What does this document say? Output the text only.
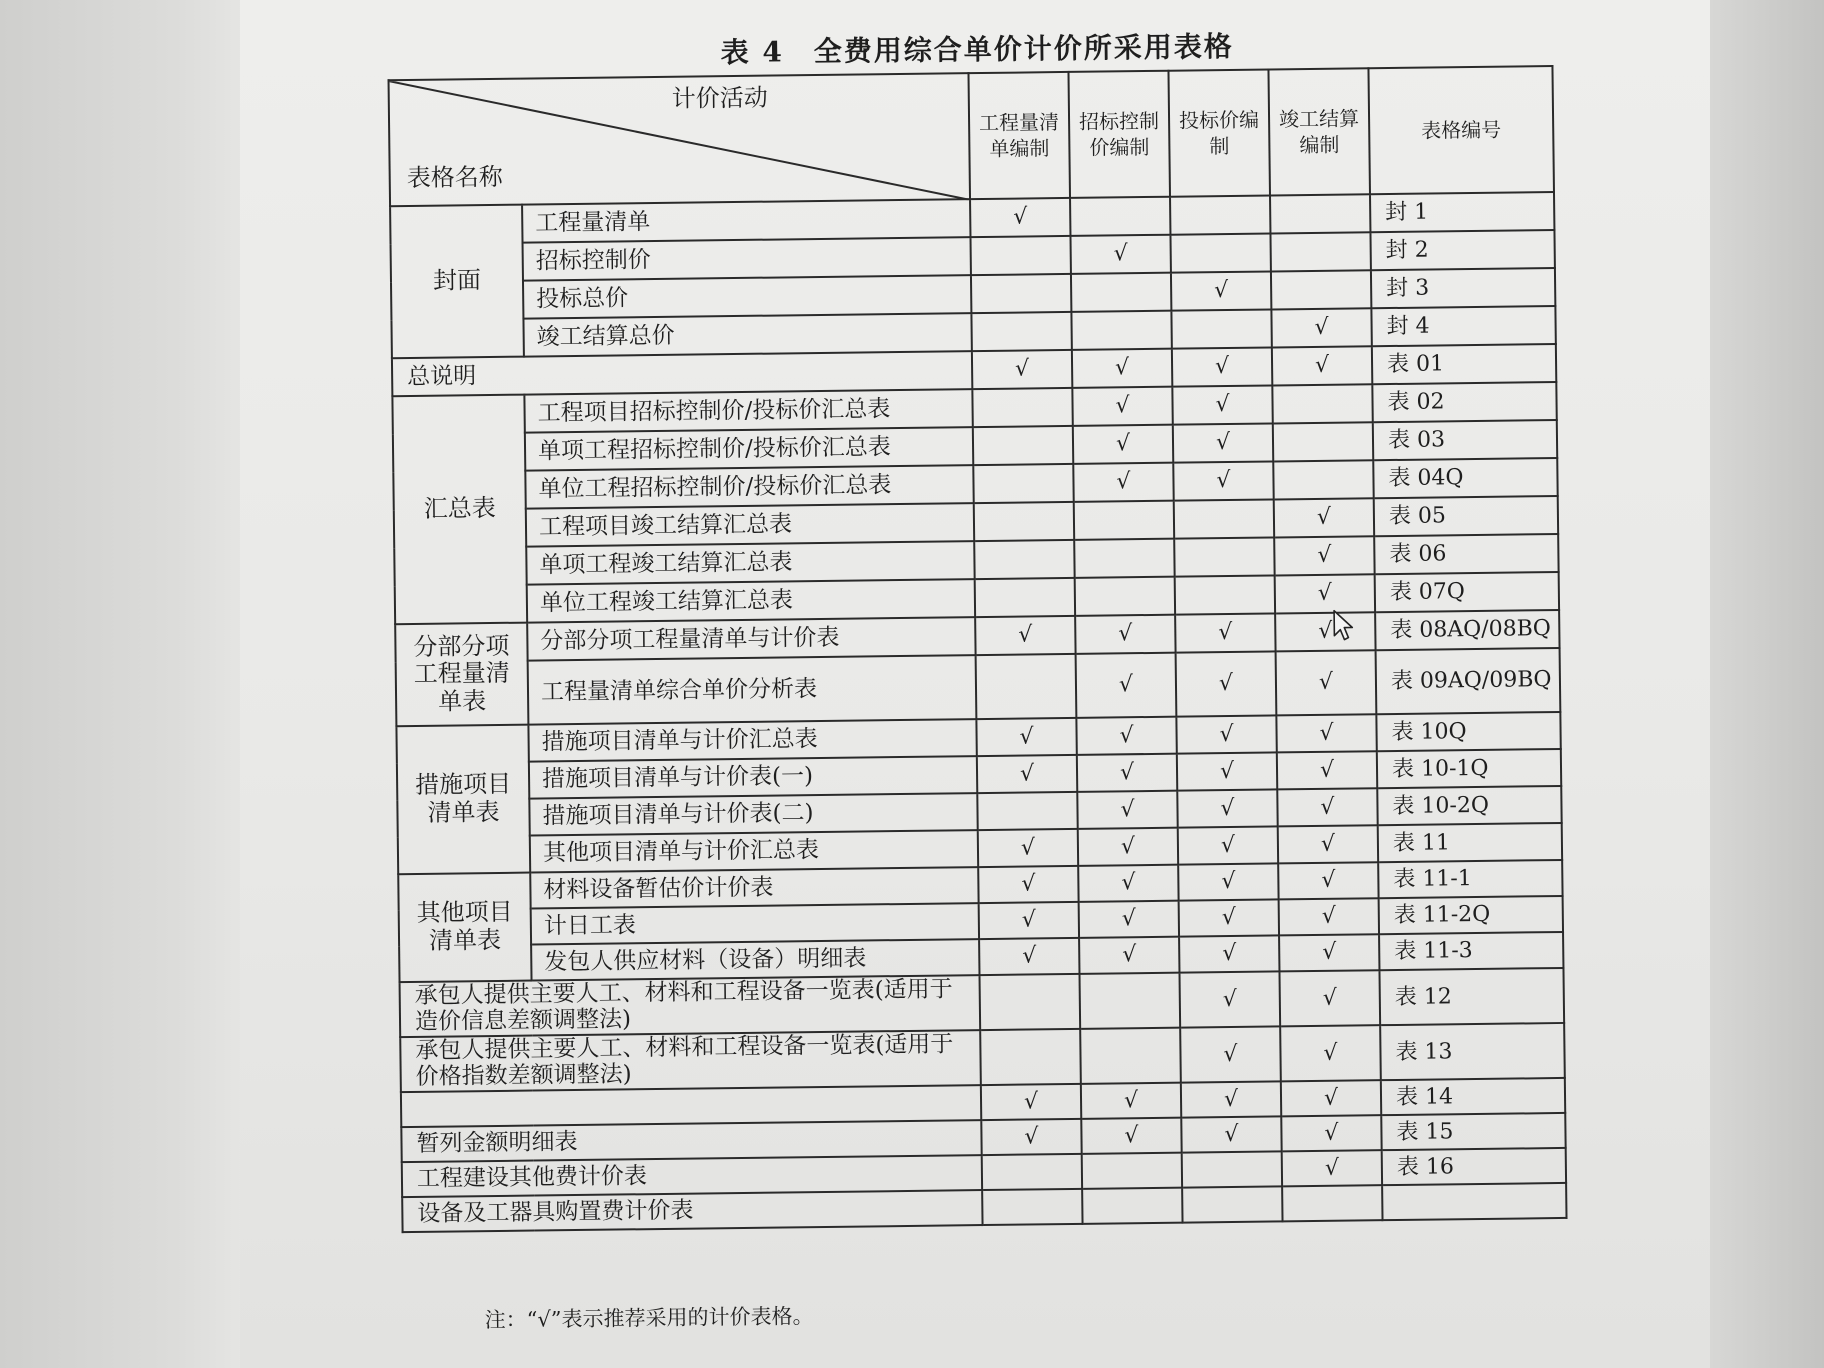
表 4 全费用综合单价计价所采用表格
计价活动
表格名称		工程量清单编制	招标控制价编制	投标价编制	竣工结算编制	表格编号
封面	工程量清单	√				封 1
	招标控制价		√			封 2
	投标总价			√		封 3
	竣工结算总价				√	封 4
总说明		√	√	√	√	表 01
汇总表	工程项目招标控制价/投标价汇总表		√	√		表 02
	单项工程招标控制价/投标价汇总表		√	√		表 03
	单位工程招标控制价/投标价汇总表		√	√		表 04Q
	工程项目竣工结算汇总表				√	表 05
	单项工程竣工结算汇总表				√	表 06
	单位工程竣工结算汇总表				√	表 07Q
分部分项工程量清单表	分部分项工程量清单与计价表	√	√	√	√	表 08AQ/08BQ
	工程量清单综合单价分析表		√	√	√	表 09AQ/09BQ
措施项目清单表	措施项目清单与计价汇总表	√	√	√	√	表 10Q
	措施项目清单与计价表(一)	√	√	√	√	表 10-1Q
	措施项目清单与计价表(二)		√	√	√	表 10-2Q
	其他项目清单与计价汇总表	√	√	√	√	表 11
其他项目清单表	材料设备暂估价计价表	√	√	√	√	表 11-1
	计日工表	√	√	√	√	表 11-2Q
	发包人供应材料（设备）明细表	√	√	√	√	表 11-3
承包人提供主要人工、材料和工程设备一览表(适用于造价信息差额调整法)				√	√	表 12
承包人提供主要人工、材料和工程设备一览表(适用于价格指数差额调整法)				√	√	表 13
		√	√	√	√	表 14
暂列金额明细表		√	√	√	√	表 15
工程建设其他费计价表					√	表 16
设备及工器具购置费计价表						
注：“√”表示推荐采用的计价表格。
